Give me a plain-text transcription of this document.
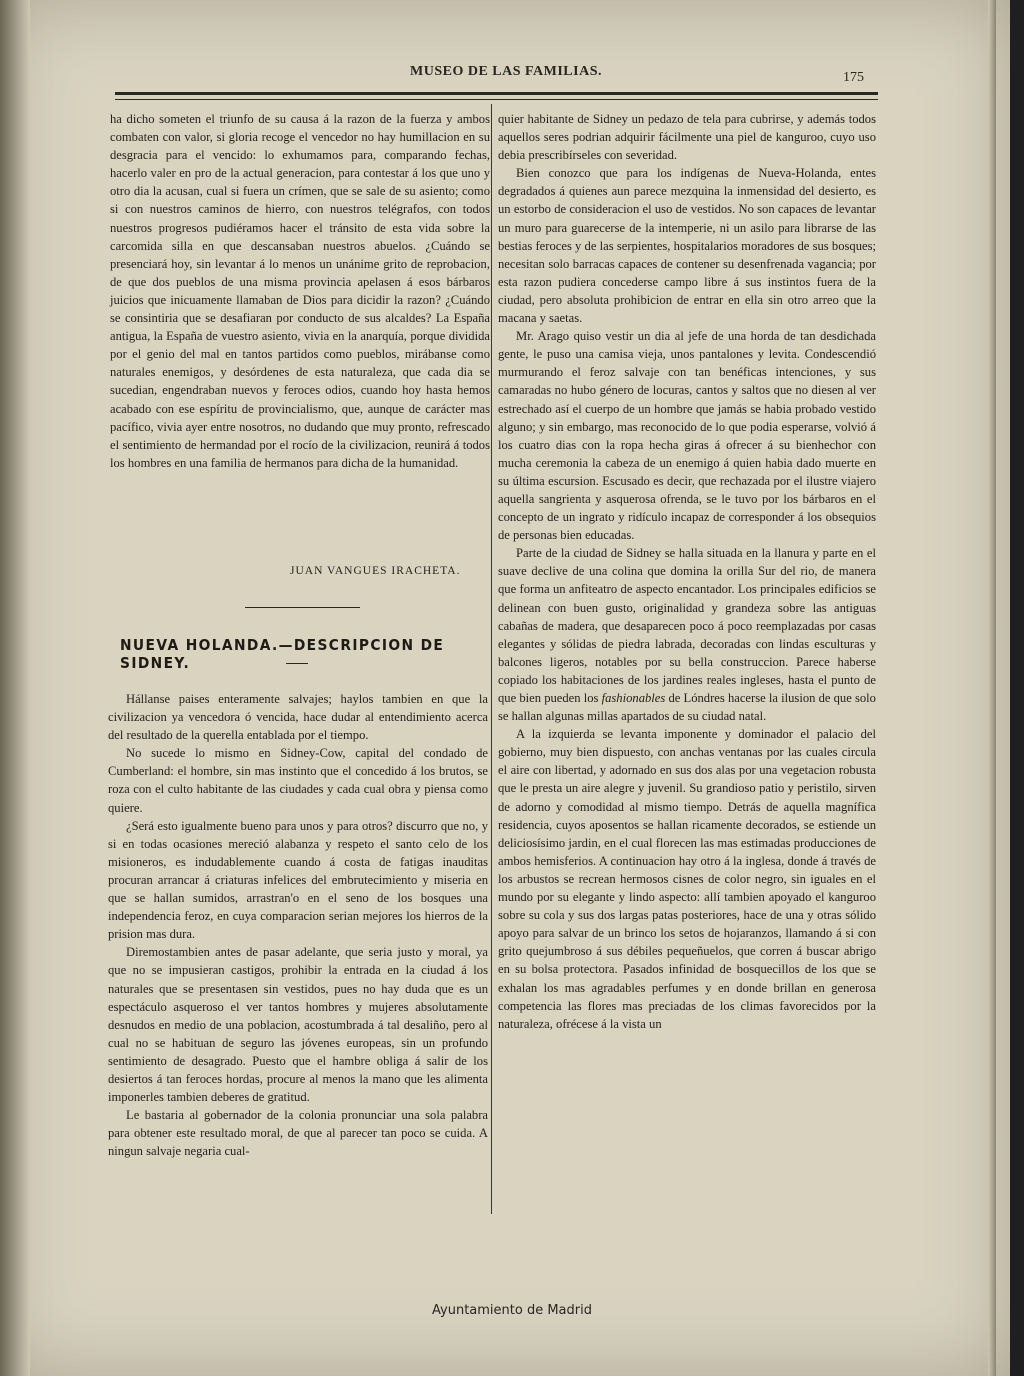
MUSEO DE LAS FAMILIAS.	175

ha dicho someten el triunfo de su causa á la razon de la fuerza y ambos combaten con valor, si gloria recoge el vencedor no hay humillacion en su desgracia para el vencido: lo exhumamos para, comparando fechas, hacerlo valer en pro de la actual generacion, para contestar á los que uno y otro dia la acusan, cual si fuera un crímen, que se sale de su asiento; como si con nuestros caminos de hierro, con nuestros telégrafos, con todos nuestros progresos pudiéramos hacer el tránsito de esta vida sobre la carcomida silla en que descansaban nuestros abuelos. ¿Cuándo se presenciará hoy, sin levantar á lo menos un unánime grito de reprobacion, de que dos pueblos de una misma provincia apelasen á esos bárbaros juicios que inicuamente llamaban de Dios para dicidir la razon? ¿Cuándo se consintiria que se desafiaran por conducto de sus alcaldes? La España antigua, la España de vuestro asiento, vivia en la anarquía, porque dividida por el genio del mal en tantos partidos como pueblos, mirábanse como naturales enemigos, y desórdenes de esta naturaleza, que cada dia se sucedian, engendraban nuevos y feroces odios, cuando hoy hasta hemos acabado con ese espíritu de provincialismo, que, aunque de carácter mas pacífico, vivia ayer entre nosotros, no dudando que muy pronto, refrescado el sentimiento de hermandad por el rocío de la civilizacion, reunirá á todos los hombres en una familia de hermanos para dicha de la humanidad.

JUAN VANGUES IRACHETA.
NUEVA HOLANDA.—DESCRIPCION DE SIDNEY.

Hállanse paises enteramente salvajes; haylos tambien en que la civilizacion ya vencedora ó vencida, hace dudar al entendimiento acerca del resultado de la querella entablada por el tiempo.

No sucede lo mismo en Sidney-Cow, capital del condado de Cumberland: el hombre, sin mas instinto que el concedido á los brutos, se roza con el culto habitante de las ciudades y cada cual obra y piensa como quiere.

¿Será esto igualmente bueno para unos y para otros? discurro que no, y si en todas ocasiones mereció alabanza y respeto el santo celo de los misioneros, es indudablemente cuando á costa de fatigas inauditas procuran arrancar á criaturas infelices del embrutecimiento y miseria en que se hallan sumidos, arrastran'o en el seno de los bosques una independencia feroz, en cuya comparacion serian mejores los hierros de la prision mas dura.

Diremostambien antes de pasar adelante, que seria justo y moral, ya que no se impusieran castigos, prohibir la entrada en la ciudad á los naturales que se presentasen sin vestidos, pues no hay duda que es un espectáculo asqueroso el ver tantos hombres y mujeres absolutamente desnudos en medio de una poblacion, acostumbrada á tal desaliño, pero al cual no se habituan de seguro las jóvenes europeas, sin un profundo sentimiento de desagrado. Puesto que el hambre obliga á salir de los desiertos á tan feroces hordas, procure al menos la mano que les alimenta imponerles tambien deberes de gratitud.

Le bastaria al gobernador de la colonia pronunciar una sola palabra para obtener este resultado moral, de que al parecer tan poco se cuida. A ningun salvaje negaria cual-

quier habitante de Sidney un pedazo de tela para cubrirse, y además todos aquellos seres podrian adquirir fácilmente una piel de kanguroo, cuyo uso debia prescribírseles con severidad.

Bien conozco que para los indígenas de Nueva-Holanda, entes degradados á quienes aun parece mezquina la inmensidad del desierto, es un estorbo de consideracion el uso de vestidos. No son capaces de levantar un muro para guarecerse de la intemperie, ni un asilo para librarse de las bestias feroces y de las serpientes, hospitalarios moradores de sus bosques; necesitan solo barracas capaces de contener su desenfrenada vagancia; por esta razon pudiera concederse campo libre á sus instintos fuera de la ciudad, pero absoluta prohibicion de entrar en ella sin otro arreo que la macana y saetas.

Mr. Arago quiso vestir un dia al jefe de una horda de tan desdichada gente, le puso una camisa vieja, unos pantalones y levita. Condescendió murmurando el feroz salvaje con tan benéficas intenciones, y sus camaradas no hubo género de locuras, cantos y saltos que no diesen al ver estrechado así el cuerpo de un hombre que jamás se habia probado vestido alguno; y sin embargo, mas reconocido de lo que podia esperarse, volvió á los cuatro dias con la ropa hecha giras á ofrecer á su bienhechor con mucha ceremonia la cabeza de un enemigo á quien habia dado muerte en su última escursion. Escusado es decir, que rechazada por el ilustre viajero aquella sangrienta y asquerosa ofrenda, se le tuvo por los bárbaros en el concepto de un ingrato y ridículo incapaz de corresponder á los obsequios de personas bien educadas.

Parte de la ciudad de Sidney se halla situada en la llanura y parte en el suave declive de una colina que domina la orilla Sur del rio, de manera que forma un anfiteatro de aspecto encantador. Los principales edificios se delinean con buen gusto, originalidad y grandeza sobre las antiguas cabañas de madera, que desaparecen poco á poco reemplazadas por casas elegantes y sólidas de piedra labrada, decoradas con lindas esculturas y balcones ligeros, notables por su bella construccion. Parece haberse copiado los habitaciones de los jardines reales ingleses, hasta el punto de que bien pueden los fashionables de Lóndres hacerse la ilusion de que solo se hallan algunas millas apartados de su ciudad natal.

A la izquierda se levanta imponente y dominador el palacio del gobierno, muy bien dispuesto, con anchas ventanas por las cuales circula el aire con libertad, y adornado en sus dos alas por una vegetacion robusta que le presta un aire alegre y juvenil. Su grandioso patio y peristilo, sirven de adorno y comodidad al mismo tiempo. Detrás de aquella magnífica residencia, cuyos aposentos se hallan ricamente decorados, se estiende un deliciosísimo jardin, en el cual florecen las mas estimadas producciones de ambos hemisferios. A continuacion hay otro á la inglesa, donde á través de los arbustos se recrean hermosos cisnes de color negro, sin iguales en el mundo por su elegante y lindo aspecto: allí tambien apoyado el kanguroo sobre su cola y sus dos largas patas posteriores, hace de una y otras sólido apoyo para salvar de un brinco los setos de hojaranzos, llamando á si con grito quejumbroso á sus débiles pequeñuelos, que corren á buscar abrigo en su bolsa protectora. Pasados infinidad de bosquecillos de los que se exhalan los mas agradables perfumes y en donde brillan en generosa competencia las flores mas preciadas de los climas favorecidos por la naturaleza, ofrécese á la vista un

Ayuntamiento de Madrid
